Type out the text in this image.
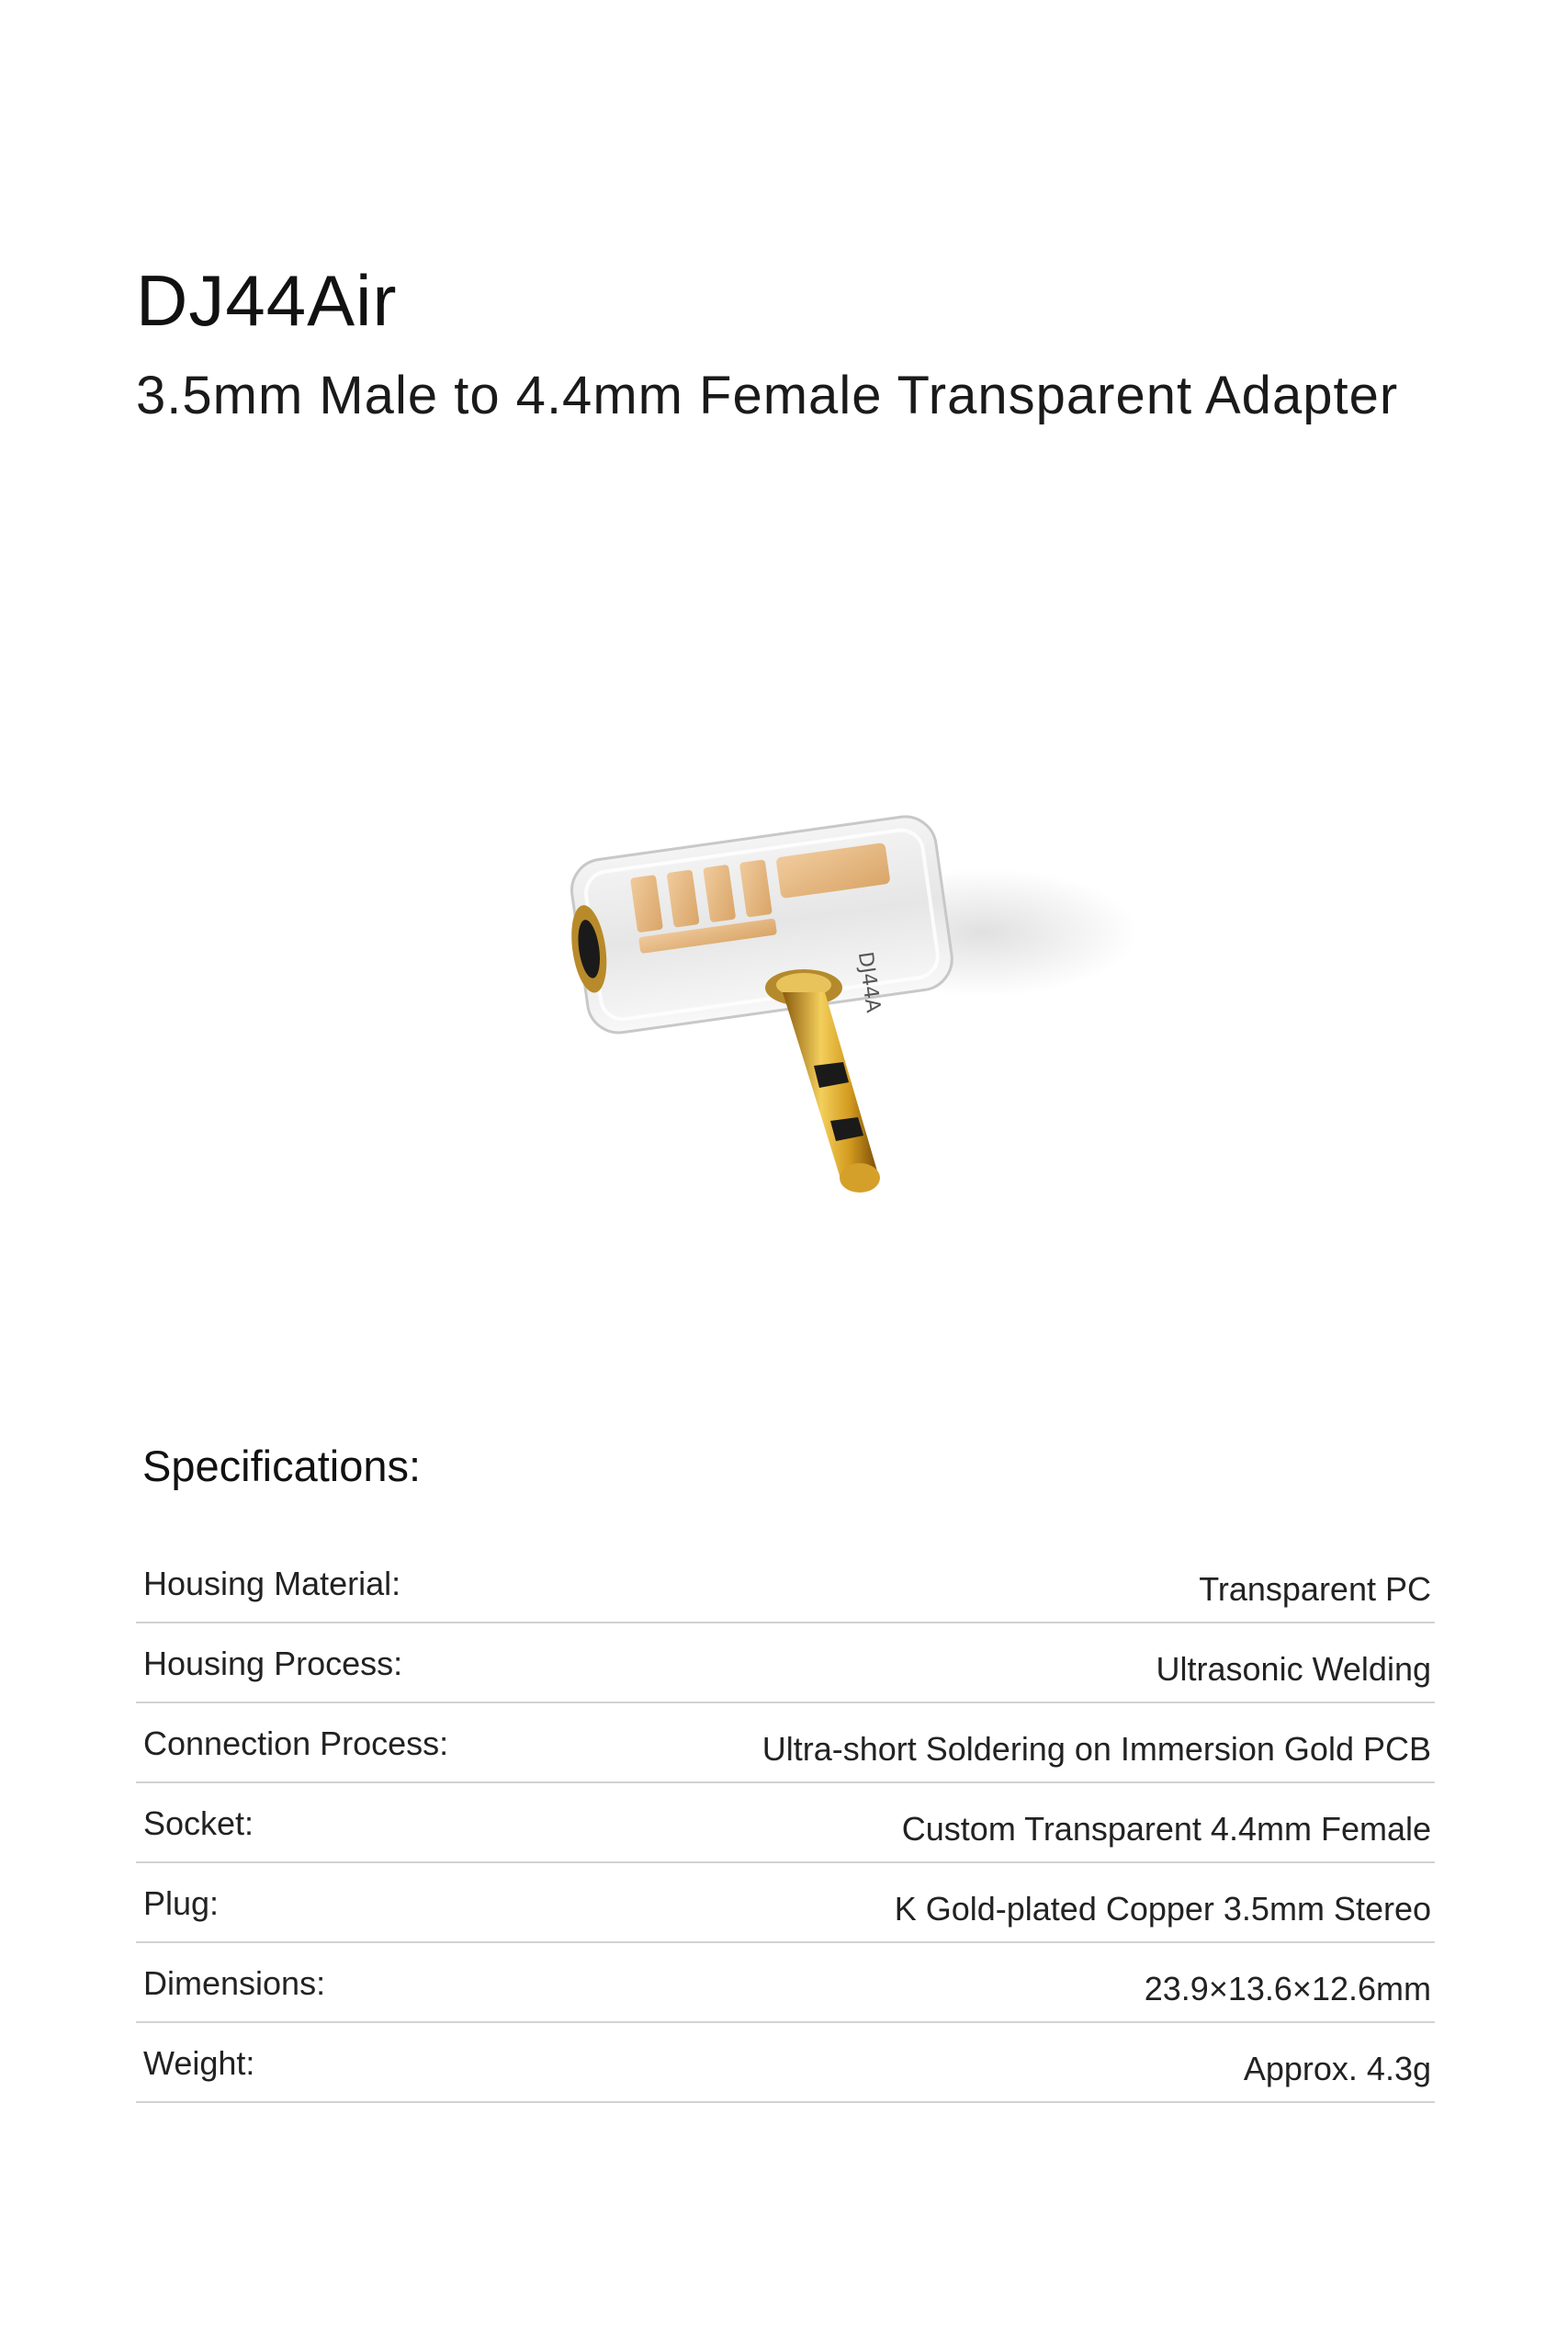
DJ44Air
3.5mm Male to 4.4mm Female Transparent Adapter
DJ44A
Specifications:
Housing Material:	Transparent PC
Housing Process:	Ultrasonic Welding
Connection Process:	Ultra-short Soldering on Immersion Gold PCB
Socket:	Custom Transparent 4.4mm Female
Plug:	K Gold-plated Copper 3.5mm Stereo
Dimensions:	23.9×13.6×12.6mm
Weight:	Approx. 4.3g
